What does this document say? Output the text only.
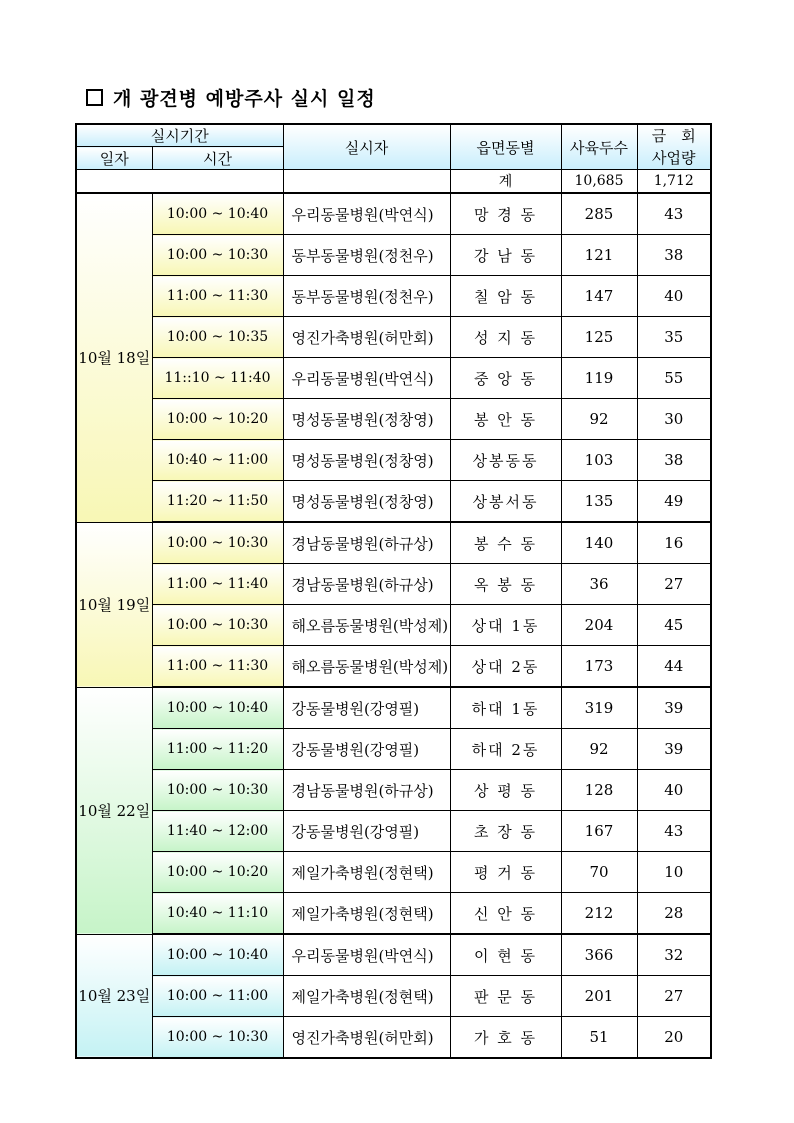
개 광견병 예방주사 실시 일정
실시기간		실시자	읍면동별	사육두수	금　회
사업량

일자	시간				
			계	10,685	1,712
10월 18일	10:00 ~ 10:40	우리동물병원(박연식)	망 경 동	285	43
	10:00 ~ 10:30	동부동물병원(정천우)	강 남 동	121	38
	11:00 ~ 11:30	동부동물병원(정천우)	칠 암 동	147	40
	10:00 ~ 10:35	영진가축병원(허만회)	성 지 동	125	35
	11::10 ~ 11:40	우리동물병원(박연식)	중 앙 동	119	55
	10:00 ~ 10:20	명성동물병원(정창영)	봉 안 동	92	30
	10:40 ~ 11:00	명성동물병원(정창영)	상봉동동	103	38
	11:20 ~ 11:50	명성동물병원(정창영)	상봉서동	135	49
10월 19일	10:00 ~ 10:30	경남동물병원(하규상)	봉 수 동	140	16
	11:00 ~ 11:40	경남동물병원(하규상)	옥 봉 동	36	27
	10:00 ~ 10:30	해오름동물병원(박성제)	상대 1동	204	45
	11:00 ~ 11:30	해오름동물병원(박성제)	상대 2동	173	44
10월 22일	10:00 ~ 10:40	강동물병원(강영필)	하대 1동	319	39
	11:00 ~ 11:20	강동물병원(강영필)	하대 2동	92	39
	10:00 ~ 10:30	경남동물병원(하규상)	상 평 동	128	40
	11:40 ~ 12:00	강동물병원(강영필)	초 장 동	167	43
	10:00 ~ 10:20	제일가축병원(정현택)	평 거 동	70	10
	10:40 ~ 11:10	제일가축병원(정현택)	신 안 동	212	28
10월 23일	10:00 ~ 10:40	우리동물병원(박연식)	이 현 동	366	32
	10:00 ~ 11:00	제일가축병원(정현택)	판 문 동	201	27
	10:00 ~ 10:30	영진가축병원(허만회)	가 호 동	51	20
